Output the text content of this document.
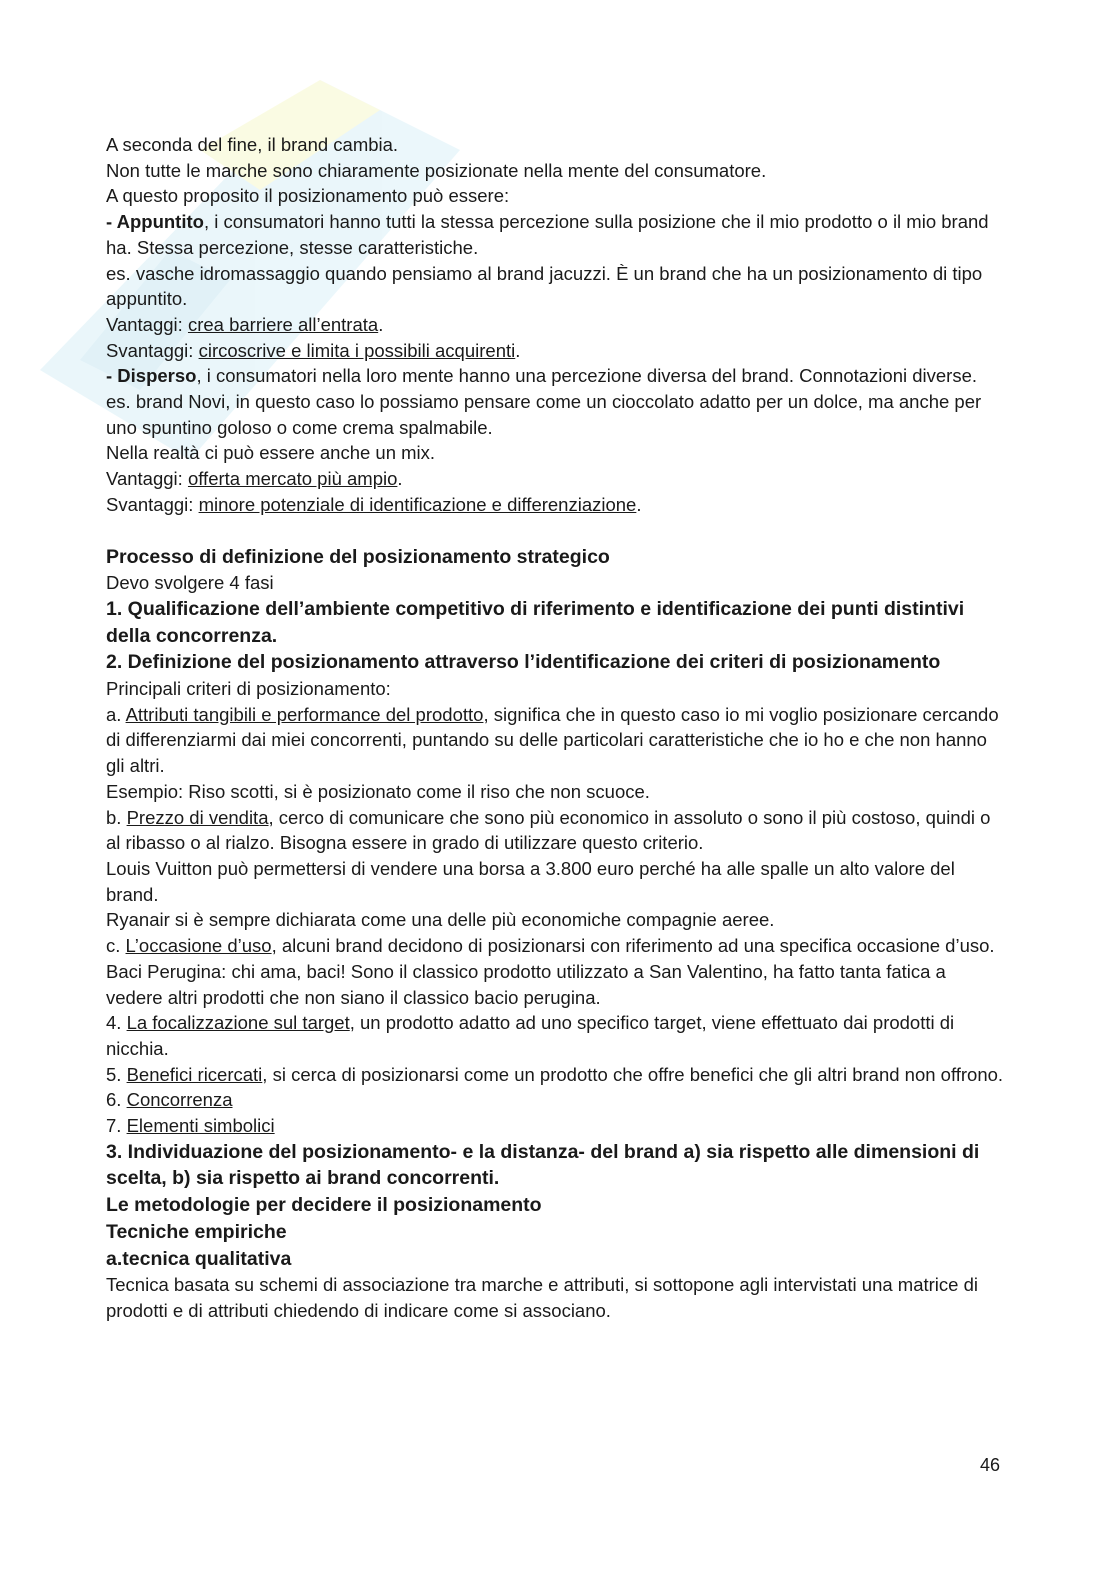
A seconda del fine, il brand cambia.

Non tutte le marche sono chiaramente posizionate nella mente del consumatore.

A questo proposito il posizionamento può essere:

- Appuntito, i consumatori hanno tutti la stessa percezione sulla posizione che il mio prodotto o il mio brand ha. Stessa percezione, stesse caratteristiche.

es. vasche idromassaggio quando pensiamo al brand jacuzzi. È un brand che ha un posizionamento di tipo appuntito.

Vantaggi: crea barriere all’entrata.

Svantaggi: circoscrive e limita i possibili acquirenti.

- Disperso, i consumatori nella loro mente hanno una percezione diversa del brand. Connotazioni diverse.

es. brand Novi, in questo caso lo possiamo pensare come un cioccolato adatto per un dolce, ma anche per uno spuntino goloso o come crema spalmabile.

Nella realtà ci può essere anche un mix.

Vantaggi: offerta mercato più ampio.

Svantaggi: minore potenziale di identificazione e differenziazione.

Processo di definizione del posizionamento strategico

Devo svolgere 4 fasi

1. Qualificazione dell’ambiente competitivo di riferimento e identificazione dei punti distintivi della concorrenza.

2. Definizione del posizionamento attraverso l’identificazione dei criteri di posizionamento

Principali criteri di posizionamento:

a. Attributi tangibili e performance del prodotto, significa che in questo caso io mi voglio posizionare cercando di differenziarmi dai miei concorrenti, puntando su delle particolari caratteristiche che io ho e che non hanno gli altri.

Esempio: Riso scotti, si è posizionato come il riso che non scuoce.

b. Prezzo di vendita, cerco di comunicare che sono più economico in assoluto o sono il più costoso, quindi o al ribasso o al rialzo. Bisogna essere in grado di utilizzare questo criterio.

Louis Vuitton può permettersi di vendere una borsa a 3.800 euro perché ha alle spalle un alto valore del brand.

Ryanair si è sempre dichiarata come una delle più economiche compagnie aeree.

c. L’occasione d’uso, alcuni brand decidono di posizionarsi con riferimento ad una specifica occasione d’uso. Baci Perugina: chi ama, baci! Sono il classico prodotto utilizzato a San Valentino, ha fatto tanta fatica a vedere altri prodotti che non siano il classico bacio perugina.

4. La focalizzazione sul target, un prodotto adatto ad uno specifico target, viene effettuato dai prodotti di nicchia.

5. Benefici ricercati, si cerca di posizionarsi come un prodotto che offre benefici che gli altri brand non offrono.

6. Concorrenza

7. Elementi simbolici

3. Individuazione del posizionamento- e la distanza- del brand a) sia rispetto alle dimensioni di scelta, b) sia rispetto ai brand concorrenti.

Le metodologie per decidere il posizionamento

Tecniche empiriche

a.tecnica qualitativa

Tecnica basata su schemi di associazione tra marche e attributi, si sottopone agli intervistati una matrice di prodotti e di attributi chiedendo di indicare come si associano.

46
